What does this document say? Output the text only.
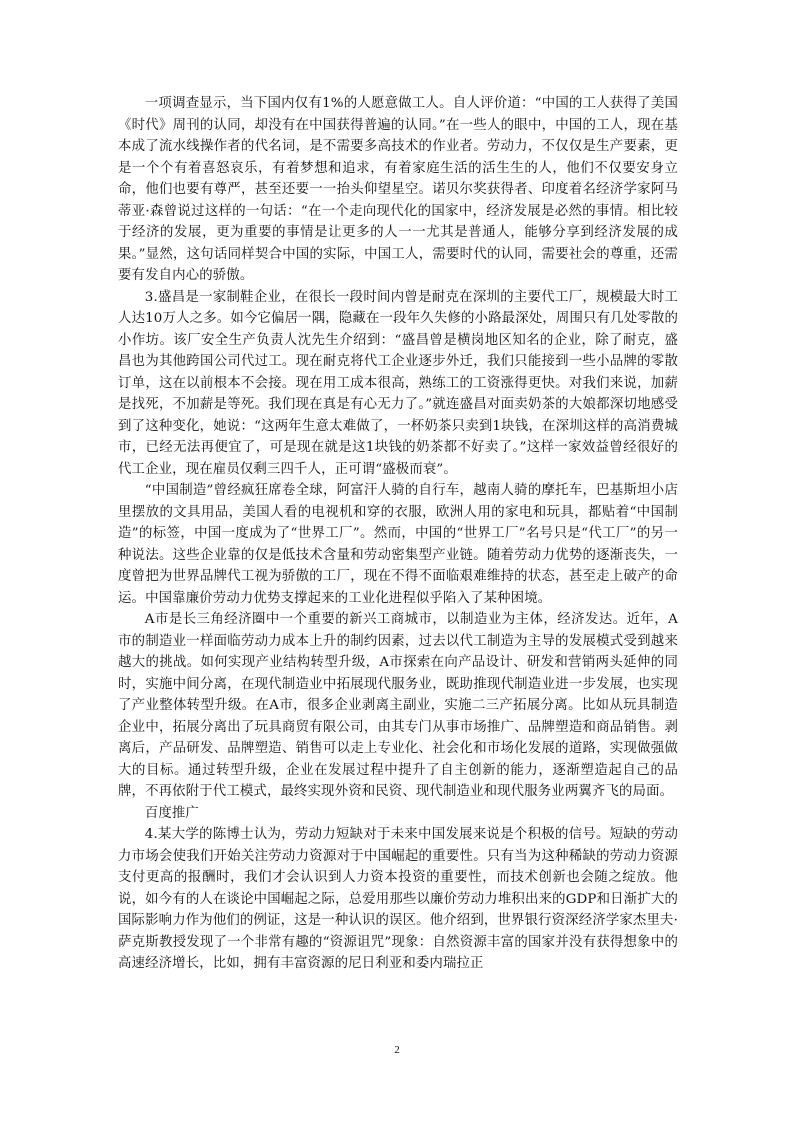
一项调查显示，当下国内仅有1%的人愿意做工人。自人评价道：“中国的工人获得了美国《时代》周刊的认同，却没有在中国获得普遍的认同。”在一些人的眼中，中国的工人，现在基本成了流水线操作者的代名词，是不需要多高技术的作业者。劳动力，不仅仅是生产要素，更是一个个有着喜怒哀乐，有着梦想和追求，有着家庭生活的活生生的人，他们不仅要安身立命，他们也要有尊严，甚至还要一一抬头仰望星空。诺贝尔奖获得者、印度着名经济学家阿马蒂亚·森曾说过这样的一句话：“在一个走向现代化的国家中，经济发展是必然的事情。相比较于经济的发展，更为重要的事情是让更多的人一一尤其是普通人，能够分享到经济发展的成果。”显然，这句话同样契合中国的实际，中国工人，需要时代的认同，需要社会的尊重，还需要有发自内心的骄傲。

3.盛昌是一家制鞋企业，在很长一段时间内曾是耐克在深圳的主要代工厂，规模最大时工人达10万人之多。如今它偏居一隅，隐藏在一段年久失修的小路最深处，周围只有几处零散的小作坊。该厂安全生产负责人沈先生介绍到：“盛昌曾是横岗地区知名的企业，除了耐克，盛昌也为其他跨国公司代过工。现在耐克将代工企业逐步外迁，我们只能接到一些小品牌的零散订单，这在以前根本不会接。现在用工成本很高，熟练工的工资涨得更快。对我们来说，加薪是找死，不加薪是等死。我们现在真是有心无力了。”就连盛昌对面卖奶茶的大娘都深切地感受到了这种变化，她说：“这两年生意太难做了，一杯奶茶只卖到1块钱，在深圳这样的高消费城市，已经无法再便宜了，可是现在就是这1块钱的奶茶都不好卖了。”这样一家效益曾经很好的代工企业，现在雇员仅剩三四千人，正可谓“盛极而衰”。

“中国制造”曾经疯狂席卷全球，阿富汗人骑的自行车，越南人骑的摩托车，巴基斯坦小店里摆放的文具用品，美国人看的电视机和穿的衣服，欧洲人用的家电和玩具，都贴着“中国制造”的标签，中国一度成为了“世界工厂”。然而，中国的“世界工厂”名号只是“代工厂”的另一种说法。这些企业靠的仅是低技术含量和劳动密集型产业链。随着劳动力优势的逐渐丧失，一度曾把为世界品牌代工视为骄傲的工厂，现在不得不面临艰难维持的状态，甚至走上破产的命运。中国靠廉价劳动力优势支撑起来的工业化进程似乎陷入了某种困境。

A市是长三角经济圈中一个重要的新兴工商城市，以制造业为主体，经济发达。近年，A市的制造业一样面临劳动力成本上升的制约因素，过去以代工制造为主导的发展模式受到越来越大的挑战。如何实现产业结构转型升级，A市探索在向产品设计、研发和营销两头延伸的同时，实施中间分离，在现代制造业中拓展现代服务业，既助推现代制造业进一步发展，也实现了产业整体转型升级。在A市，很多企业剥离主副业，实施二三产拓展分离。比如从玩具制造企业中，拓展分离出了玩具商贸有限公司，由其专门从事市场推广、品牌塑造和商品销售。剥离后，产品研发、品牌塑造、销售可以走上专业化、社会化和市场化发展的道路，实现做强做大的目标。通过转型升级，企业在发展过程中提升了自主创新的能力，逐渐塑造起自己的品牌，不再依附于代工模式，最终实现外资和民资、现代制造业和现代服务业两翼齐飞的局面。

百度推广

4.某大学的陈博士认为，劳动力短缺对于未来中国发展来说是个积极的信号。短缺的劳动力市场会使我们开始关注劳动力资源对于中国崛起的重要性。只有当为这种稀缺的劳动力资源支付更高的报酬时，我们才会认识到人力资本投资的重要性，而技术创新也会随之绽放。他说，如今有的人在谈论中国崛起之际，总爱用那些以廉价劳动力堆积出来的GDP和日渐扩大的国际影响力作为他们的例证，这是一种认识的误区。他介绍到，世界银行资深经济学家杰里夫·萨克斯教授发现了一个非常有趣的“资源诅咒”现象：自然资源丰富的国家并没有获得想象中的高速经济增长，比如，拥有丰富资源的尼日利亚和委内瑞拉正

2
